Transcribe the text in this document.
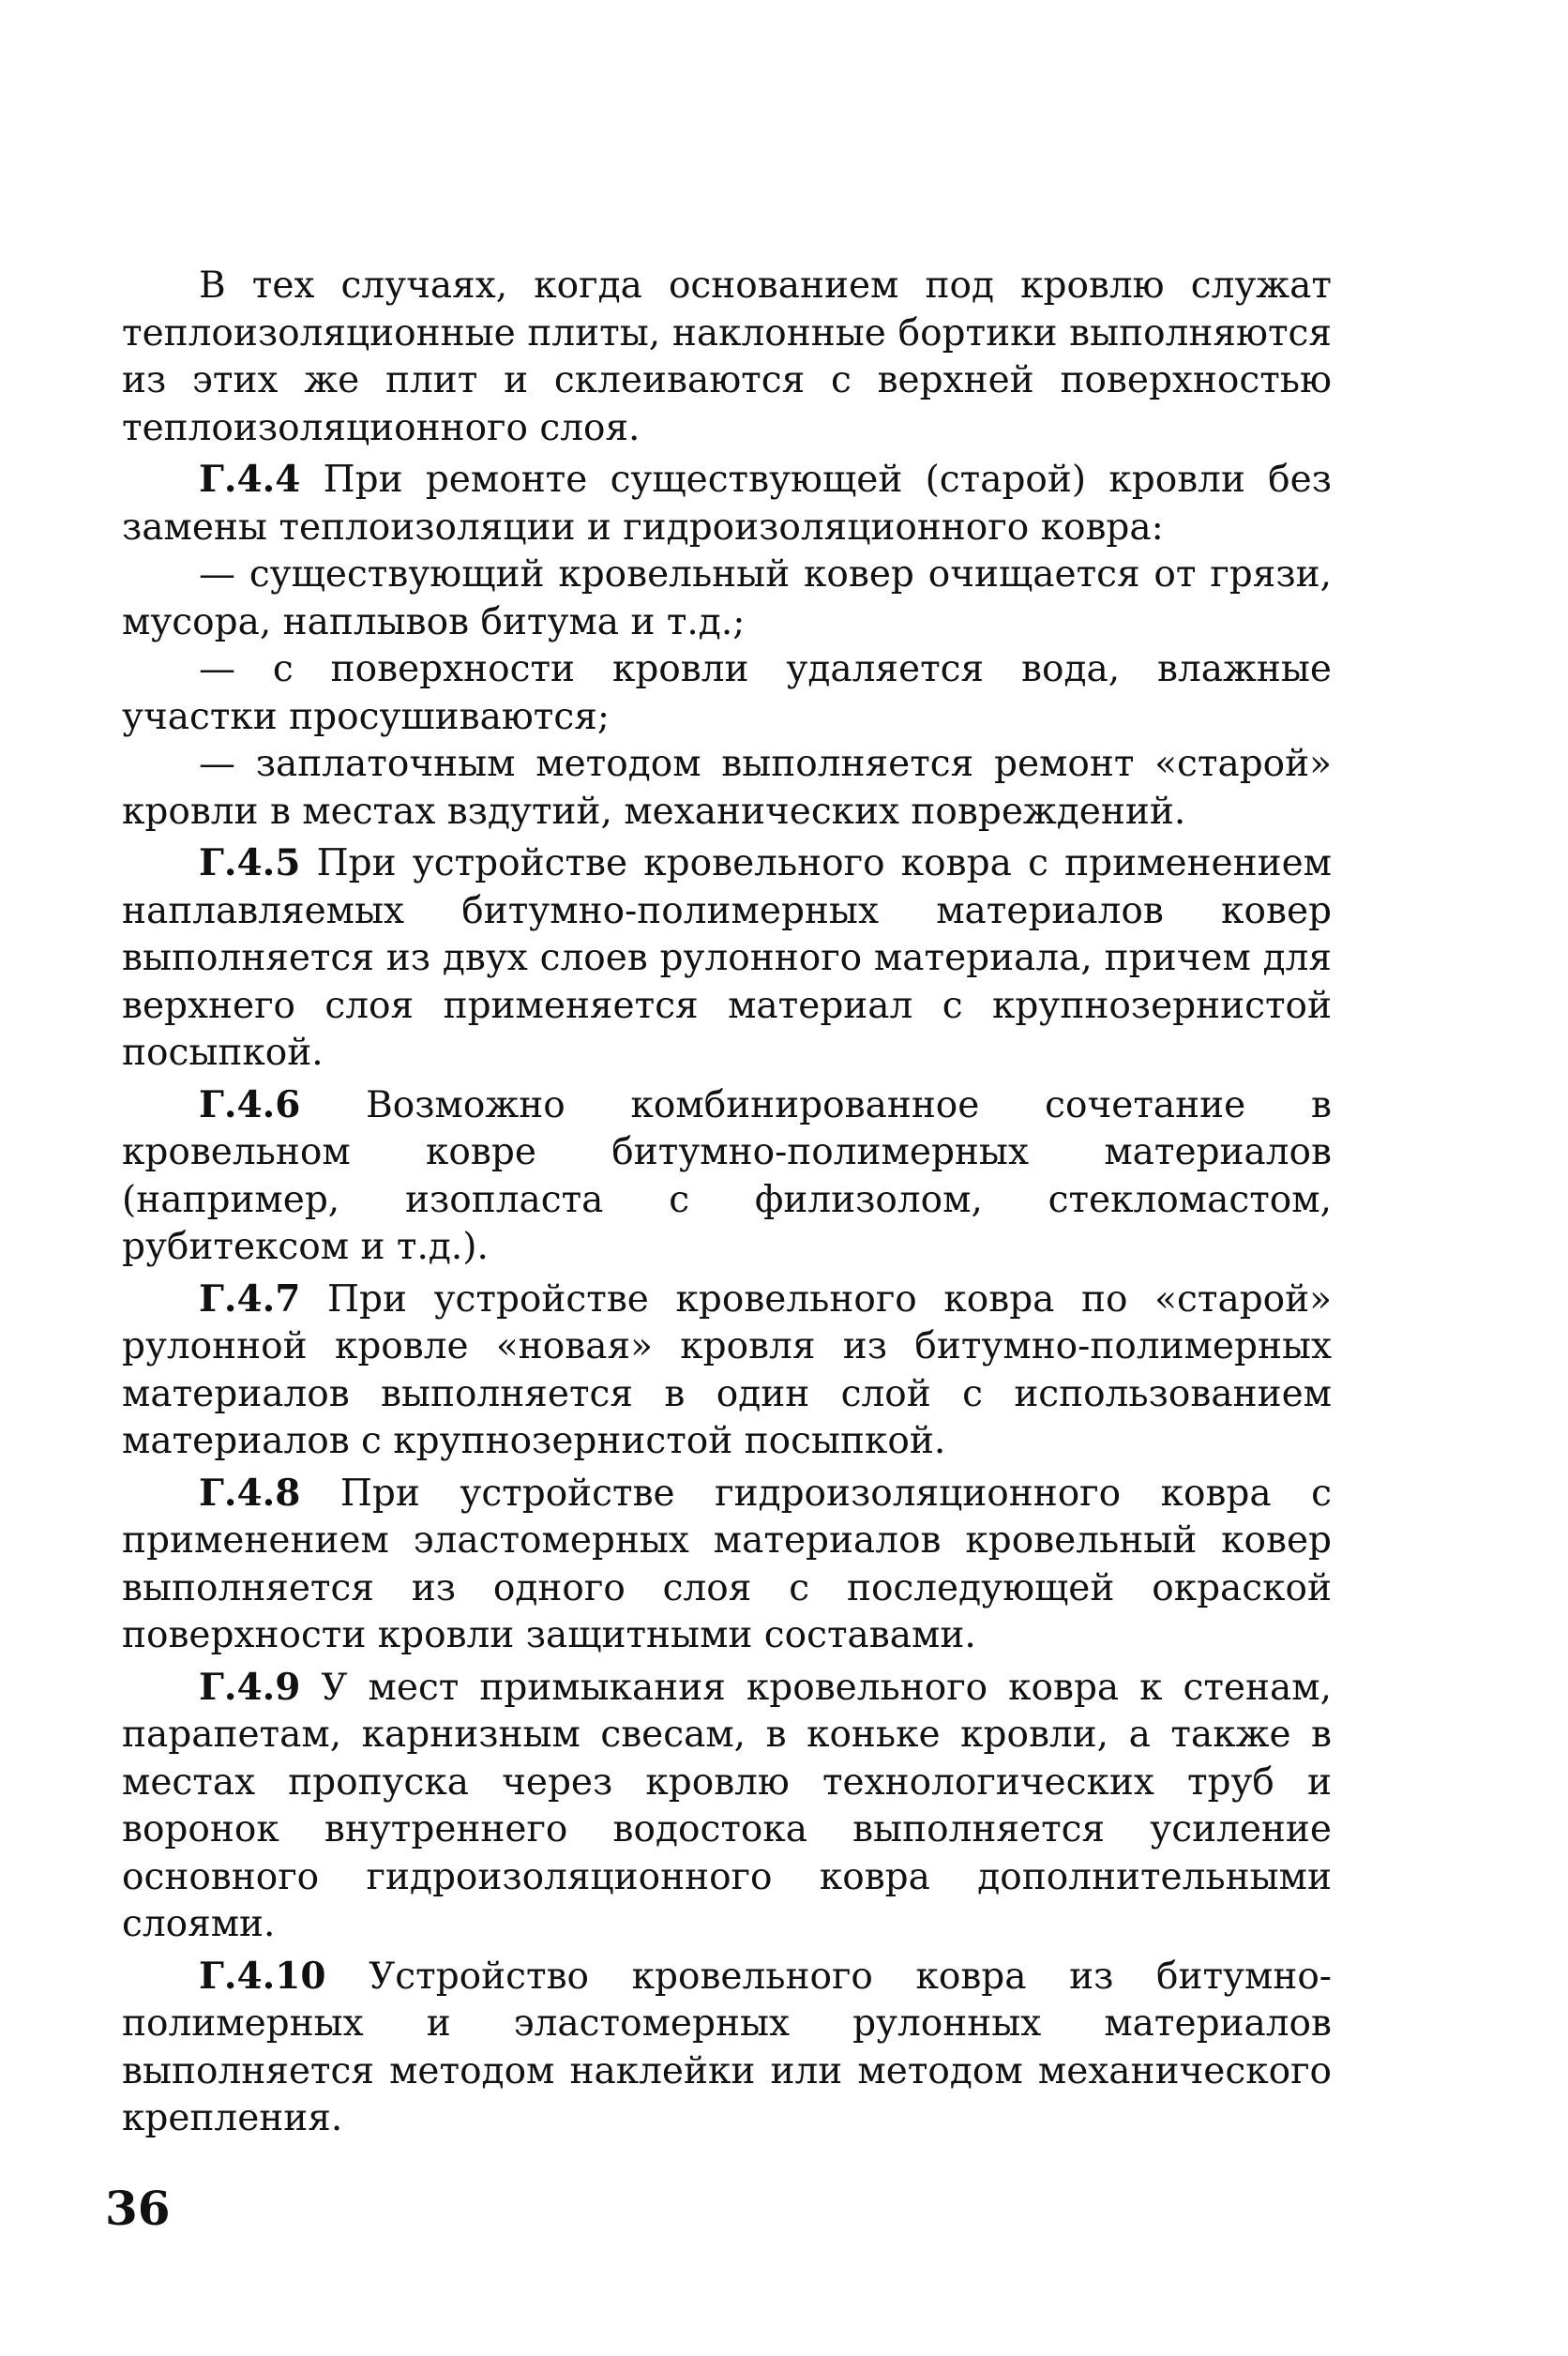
В тех случаях, когда основанием под кровлю служат теплоизоляционные плиты, наклонные бортики выполняются из этих же плит и склеиваются с верхней поверхностью теплоизоляционного слоя.

Г.4.4 При ремонте существующей (старой) кровли без замены теплоизоляции и гидроизоляционного ковра:

— существующий кровельный ковер очищается от грязи, мусора, наплывов битума и т.д.;

— с поверхности кровли удаляется вода, влажные участки просушиваются;

— заплаточным методом выполняется ремонт «старой» кровли в местах вздутий, механических повреждений.

Г.4.5 При устройстве кровельного ковра с применением наплавляемых битумно-полимерных материалов ковер выполняется из двух слоев рулонного материала, причем для верхнего слоя применяется материал с крупнозернистой посыпкой.

Г.4.6 Возможно комбинированное сочетание в кровельном ковре битумно-полимерных материалов (например, изопласта с филизолом, стекломастом, рубитексом и т.д.).

Г.4.7 При устройстве кровельного ковра по «старой» рулонной кровле «новая» кровля из битумно-полимерных материалов выполняется в один слой с использованием материалов с крупнозернистой посыпкой.

Г.4.8 При устройстве гидроизоляционного ковра с применением эластомерных материалов кровельный ковер выполняется из одного слоя с последующей окраской поверхности кровли защитными составами.

Г.4.9 У мест примыкания кровельного ковра к стенам, парапетам, карнизным свесам, в коньке кровли, а также в местах пропуска через кровлю технологических труб и воронок внутреннего водостока выполняется усиление основного гидроизоляционного ковра дополнительными слоями.

Г.4.10 Устройство кровельного ковра из битумно-полимерных и эластомерных рулонных материалов выполняется методом наклейки или методом механического крепления.

36
